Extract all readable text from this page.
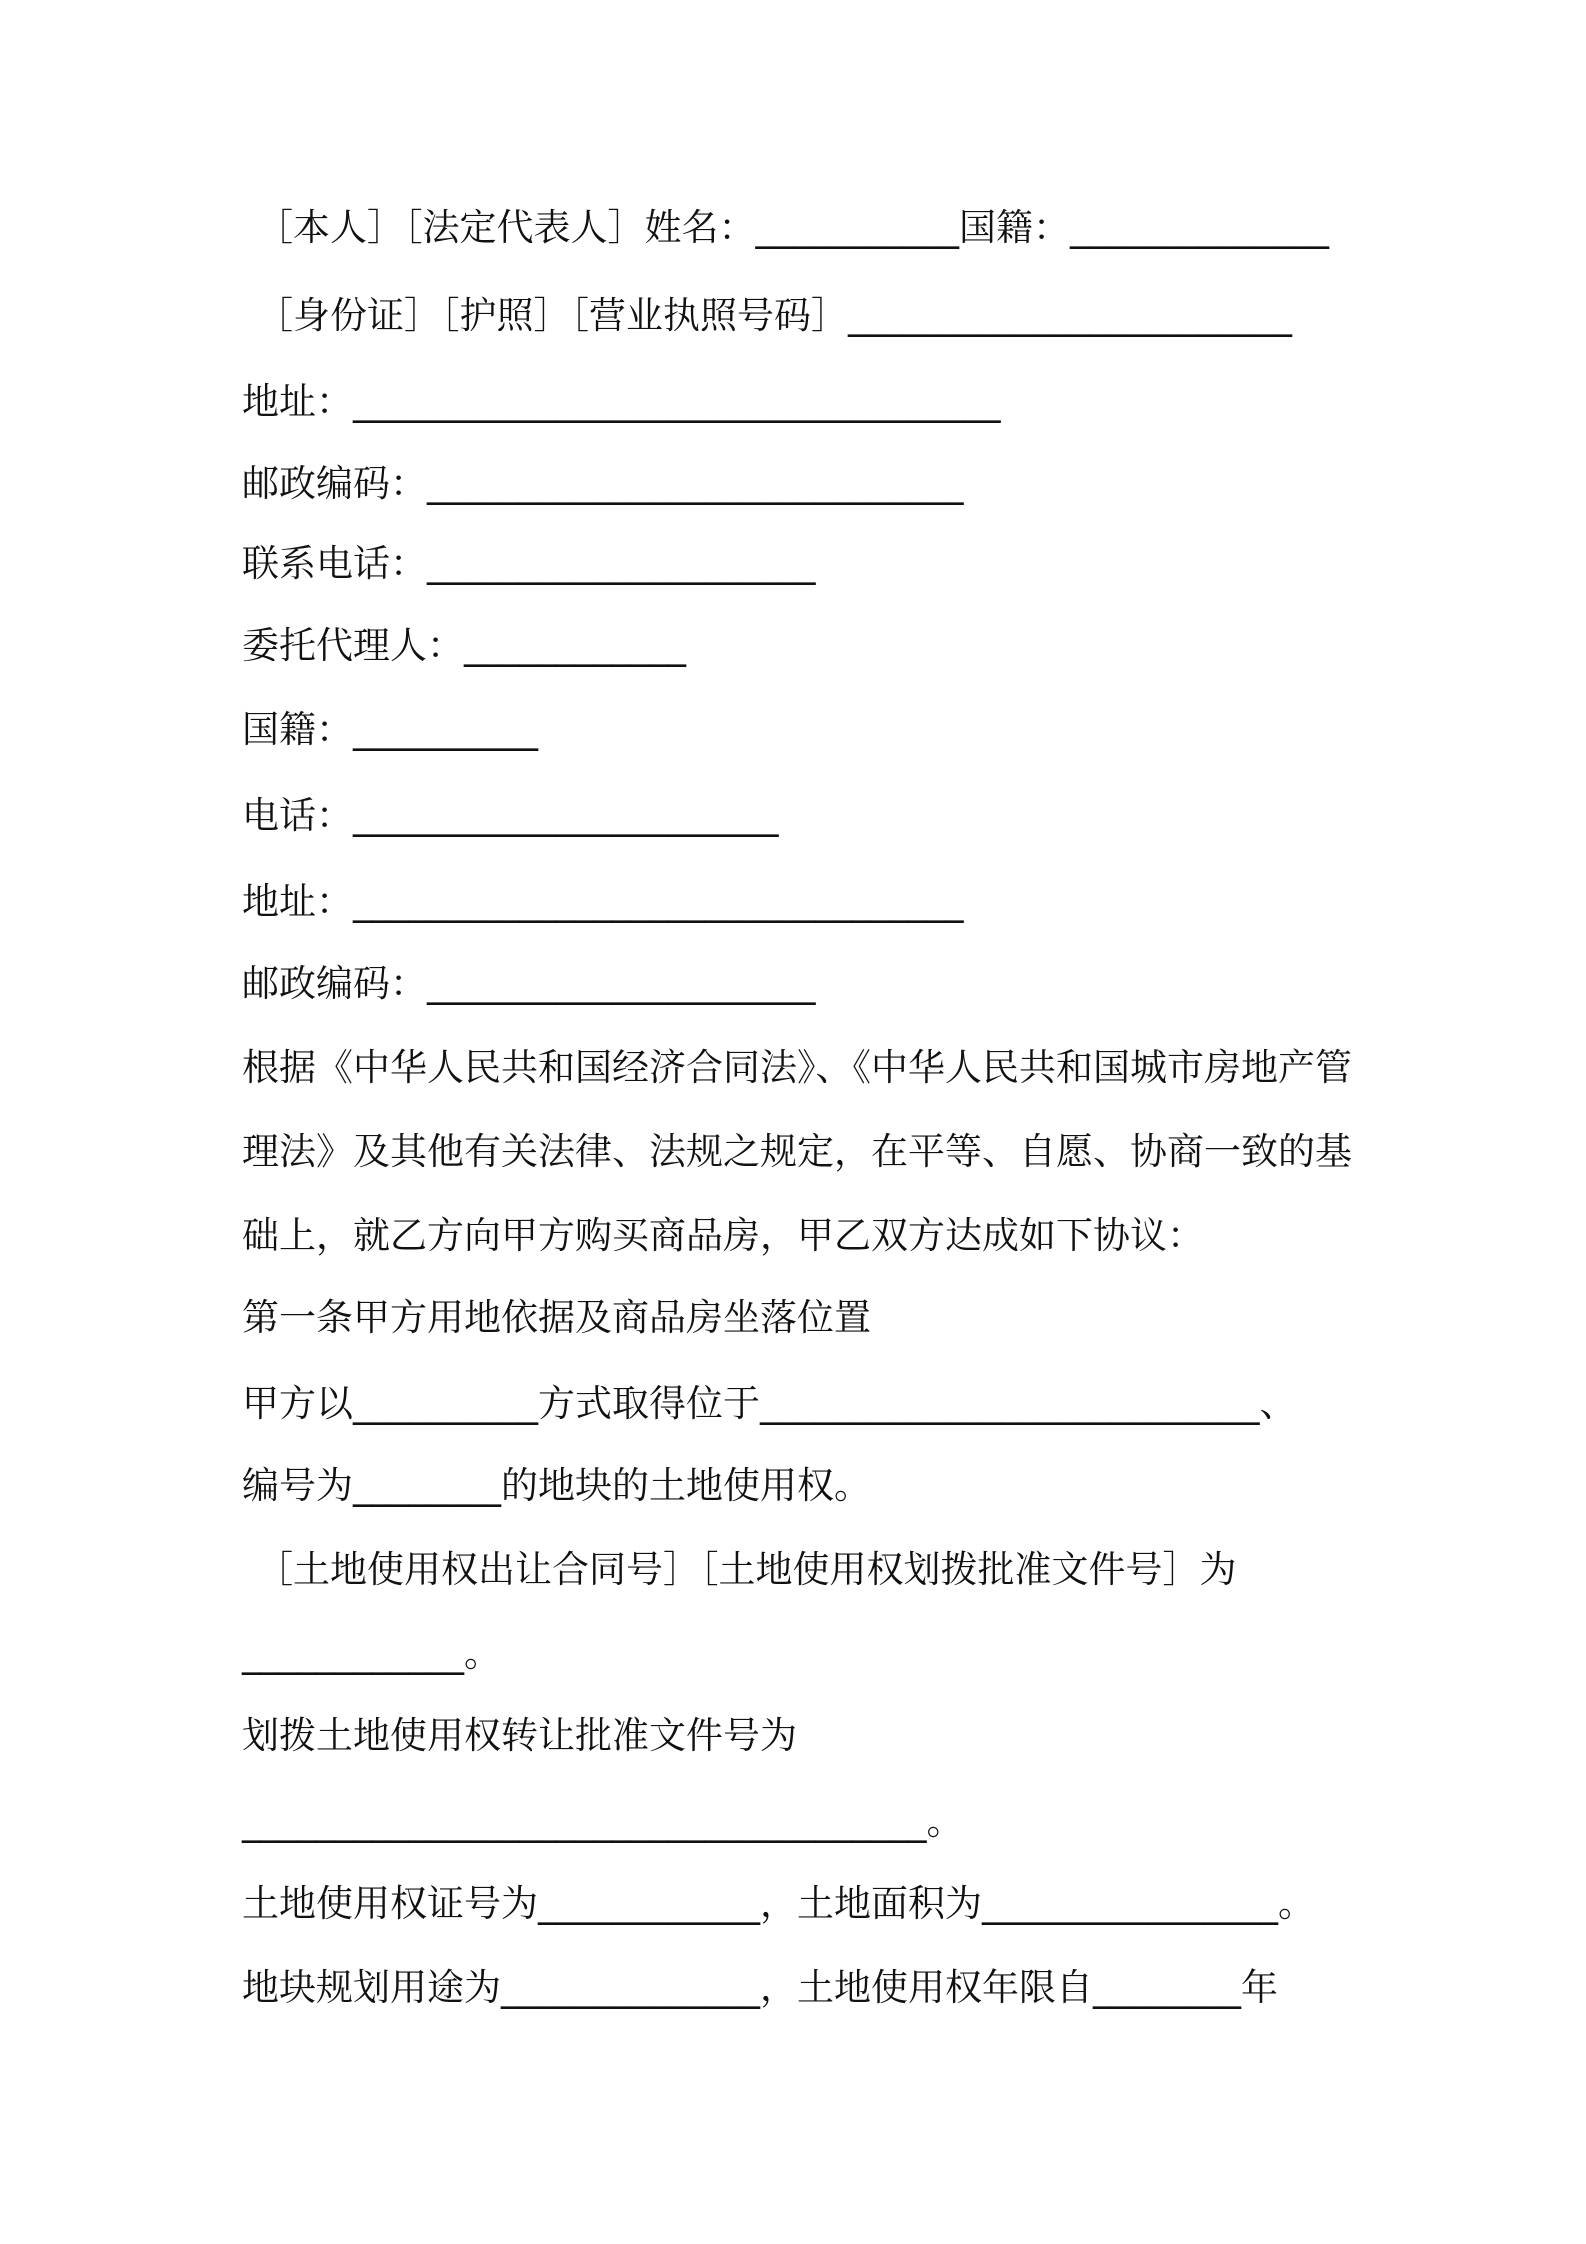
［本人］［法定代表人］姓名：___________国籍：______________
［身份证］［护照］［营业执照号码］________________________
地址：___________________________________
邮政编码：_____________________________
联系电话：_____________________
委托代理人：____________
国籍：__________
电话：_______________________
地址：_________________________________
邮政编码：_____________________
根据《中华人民共和国经济合同法》、《中华人民共和国城市房地产管
理法》及其他有关法律、法规之规定，在平等、自愿、协商一致的基
础上，就乙方向甲方购买商品房，甲乙双方达成如下协议：
第一条甲方用地依据及商品房坐落位置
甲方以__________方式取得位于___________________________、
编号为________的地块的土地使用权。
［土地使用权出让合同号］［土地使用权划拨批准文件号］为
____________。
划拨土地使用权转让批准文件号为
_____________________________________。
土地使用权证号为____________，土地面积为________________。
地块规划用途为______________，土地使用权年限自________年
